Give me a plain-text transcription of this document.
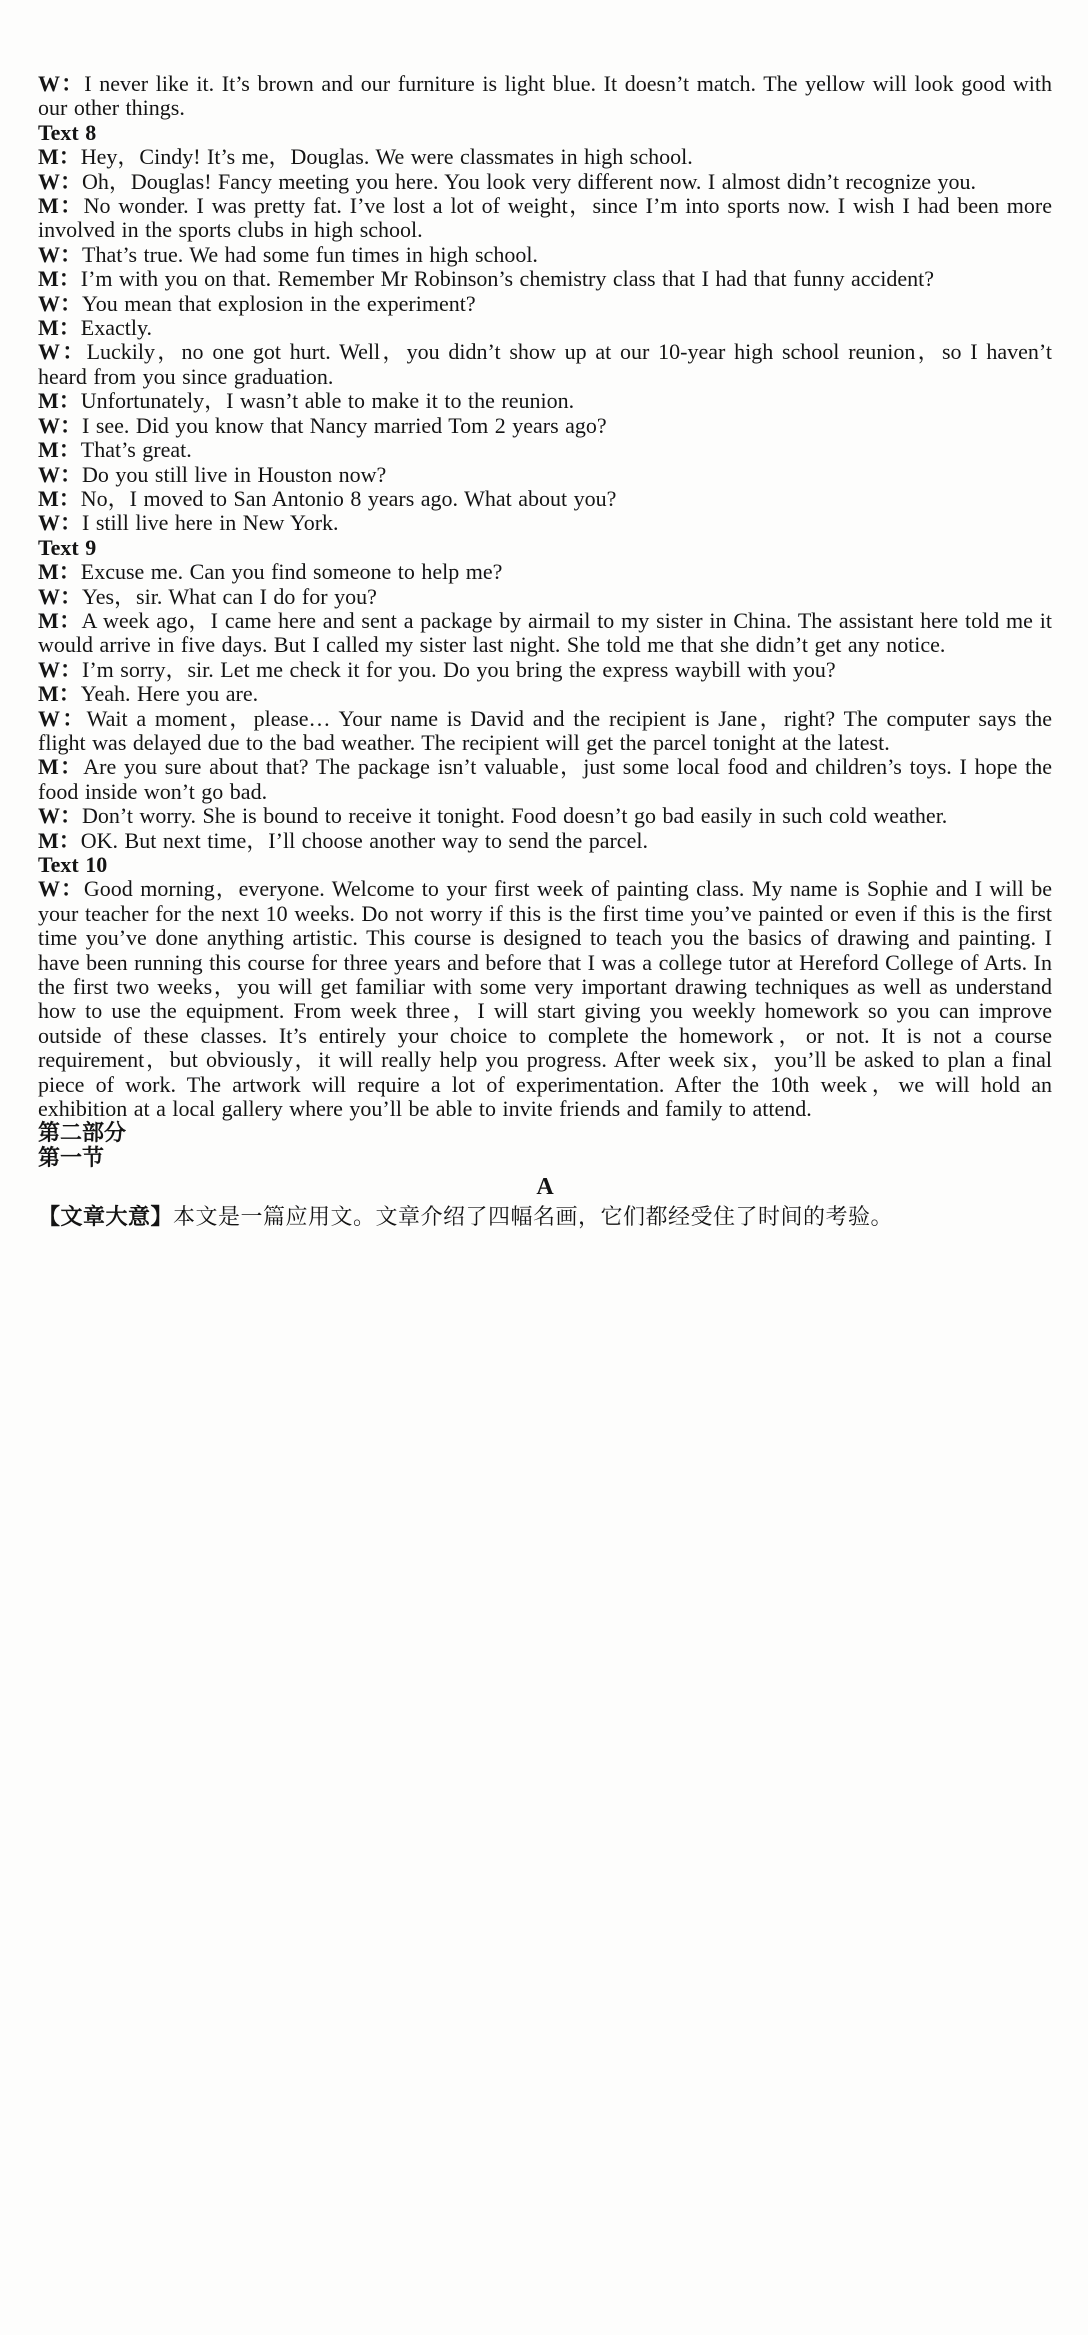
W：I never like it. It’s brown and our furniture is light blue. It doesn’t match. The yellow will look good with our other things.

Text 8

M：Hey，Cindy! It’s me，Douglas. We were classmates in high school.

W：Oh，Douglas! Fancy meeting you here. You look very different now. I almost didn’t recognize you.

M：No wonder. I was pretty fat. I’ve lost a lot of weight，since I’m into sports now. I wish I had been more involved in the sports clubs in high school.

W：That’s true. We had some fun times in high school.

M：I’m with you on that. Remember Mr Robinson’s chemistry class that I had that funny accident?

W：You mean that explosion in the experiment?

M：Exactly.

W：Luckily，no one got hurt. Well，you didn’t show up at our 10-year high school reunion，so I haven’t heard from you since graduation.

M：Unfortunately，I wasn’t able to make it to the reunion.

W：I see. Did you know that Nancy married Tom 2 years ago?

M：That’s great.

W：Do you still live in Houston now?

M：No，I moved to San Antonio 8 years ago. What about you?

W：I still live here in New York.

Text 9

M：Excuse me. Can you find someone to help me?

W：Yes，sir. What can I do for you?

M：A week ago，I came here and sent a package by airmail to my sister in China. The assistant here told me it would arrive in five days. But I called my sister last night. She told me that she didn’t get any notice.

W：I’m sorry，sir. Let me check it for you. Do you bring the express waybill with you?

M：Yeah. Here you are.

W：Wait a moment，please… Your name is David and the recipient is Jane，right? The computer says the flight was delayed due to the bad weather. The recipient will get the parcel tonight at the latest.

M：Are you sure about that? The package isn’t valuable，just some local food and children’s toys. I hope the food inside won’t go bad.

W：Don’t worry. She is bound to receive it tonight. Food doesn’t go bad easily in such cold weather.

M：OK. But next time，I’ll choose another way to send the parcel.

Text 10

W：Good morning，everyone. Welcome to your first week of painting class. My name is Sophie and I will be your teacher for the next 10 weeks. Do not worry if this is the first time you’ve painted or even if this is the first time you’ve done anything artistic. This course is designed to teach you the basics of drawing and painting. I have been running this course for three years and before that I was a college tutor at Hereford College of Arts. In the first two weeks，you will get familiar with some very important drawing techniques as well as understand how to use the equipment. From week three，I will start giving you weekly homework so you can improve outside of these classes. It’s entirely your choice to complete the homework，or not. It is not a course requirement，but obviously，it will really help you progress. After week six，you’ll be asked to plan a final piece of work. The artwork will require a lot of experimentation. After the 10th week，we will hold an exhibition at a local gallery where you’ll be able to invite friends and family to attend.

第二部分

第一节

A

【文章大意】本文是一篇应用文。文章介绍了四幅名画，它们都经受住了时间的考验。
